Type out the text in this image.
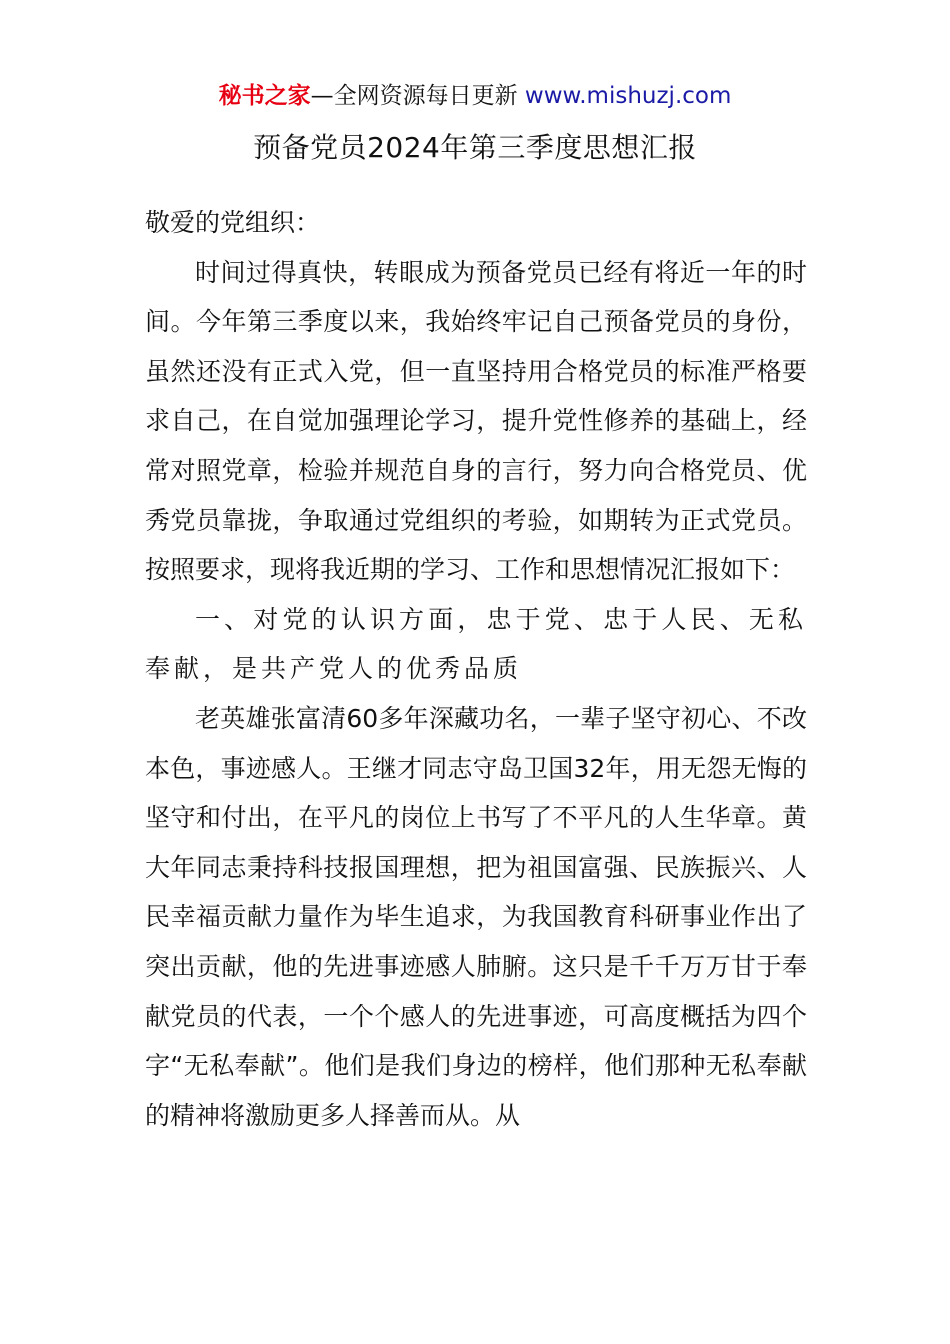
秘书之家—全网资源每日更新 www.mishuzj.com
预备党员2024年第三季度思想汇报

敬爱的党组织：

时间过得真快，转眼成为预备党员已经有将近一年的时间。今年第三季度以来，我始终牢记自己预备党员的身份，虽然还没有正式入党，但一直坚持用合格党员的标准严格要求自己，在自觉加强理论学习，提升党性修养的基础上，经常对照党章，检验并规范自身的言行，努力向合格党员、优秀党员靠拢，争取通过党组织的考验，如期转为正式党员。按照要求，现将我近期的学习、工作和思想情况汇报如下：

一、对党的认识方面，忠于党、忠于人民、无私奉献，是共产党人的优秀品质

老英雄张富清60多年深藏功名，一辈子坚守初心、不改本色，事迹感人。王继才同志守岛卫国32年，用无怨无悔的坚守和付出，在平凡的岗位上书写了不平凡的人生华章。黄大年同志秉持科技报国理想，把为祖国富强、民族振兴、人民幸福贡献力量作为毕生追求，为我国教育科研事业作出了突出贡献，他的先进事迹感人肺腑。这只是千千万万甘于奉献党员的代表，一个个感人的先进事迹，可高度概括为四个字“无私奉献”。他们是我们身边的榜样，他们那种无私奉献的精神将激励更多人择善而从。从
